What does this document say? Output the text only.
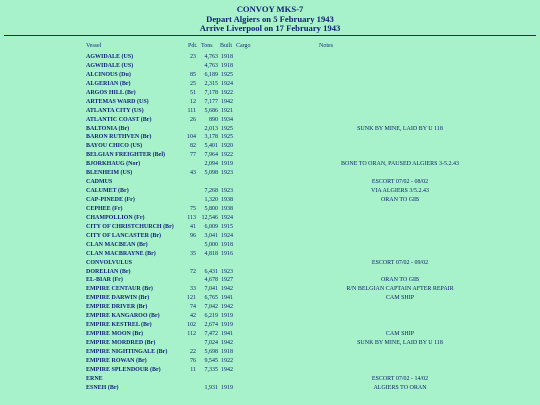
CONVOY MKS-7
Depart Algiers on 5 February 1943
Arrive Liverpool on 17 February 1943
Vessel	Pdt. Tons Built Cargo	Notes
AGWIDALE (US)	23	4,763 1918
AGWIDALE (US)	4,763 1918
ALCINOUS (Du)	85	6,189 1925
ALGERIAN (Br)	25	2,315 1924
ARGOS HILL (Br)	51	7,178 1922
ARTEMAS WARD (US)	12	7,177 1942
ATLANTA CITY (US)	111	5,686 1921
ATLANTIC COAST (Br)	26	890 1934
BALTONIA (Br)	2,013 1925	SUNK BY MINE, LAID BY U 118
BARON RUTHVEN (Br)	104	3,178 1925
BAYOU CHICO (US)	82	5,401 1920
BELGIAN FREIGHTER (Bel)	77	7,964 1922
BJORKHAUG (Nor)	2,094 1919	BONE TO ORAN, PAUSED ALGIERS 3-5.2.43
BLENHEIM (US)	43	5,098 1923
CADMUS	ESCORT 07/02 - 08/02
CALUMET (Br)	7,268 1923	VIA ALGIERS 3/5.2.43
CAP-PINEDE (Fr)	1,320 1938	ORAN TO GIB
CEPHEE (Fr)	75	5,800 1938
CHAMPOLLION (Fr)	113 12,546 1924
CITY OF CHRISTCHURCH (Br)	41	6,009 1915
CITY OF LANCASTER (Br)	96	3,041 1924
CLAN MACBEAN (Br)	5,000 1918
CLAN MACBRAYNE (Br)	35	4,818 1916
CONVOLVULUS	ESCORT 07/02 - 09/02
DORELIAN (Br)	72	6,431 1923
EL-BIAR (Fr)	4,678 1927	ORAN TO GIB
EMPIRE CENTAUR (Br)	33	7,041 1942	R/N BELGIAN CAPTAIN AFTER REPAIR
EMPIRE DARWIN (Br)	121	6,765 1941	CAM SHIP
EMPIRE DRIVER (Br)	74	7,042 1942
EMPIRE KANGAROO (Br)	42	6,219 1919
EMPIRE KESTREL (Br)	102	2,674 1919
EMPIRE MOON (Br)	112	7,472 1941	CAM SHIP
EMPIRE MORDRED (Br)	7,024 1942	SUNK BY MINE, LAID BY U 118
EMPIRE NIGHTINGALE (Br)	22	5,698 1918
EMPIRE ROWAN (Br)	76	9,545 1922
EMPIRE SPLENDOUR (Br)	11	7,335 1942
ERNE	ESCORT 07/02 - 14/02
ESNEH (Br)	1,931 1919	ALGIERS TO ORAN
